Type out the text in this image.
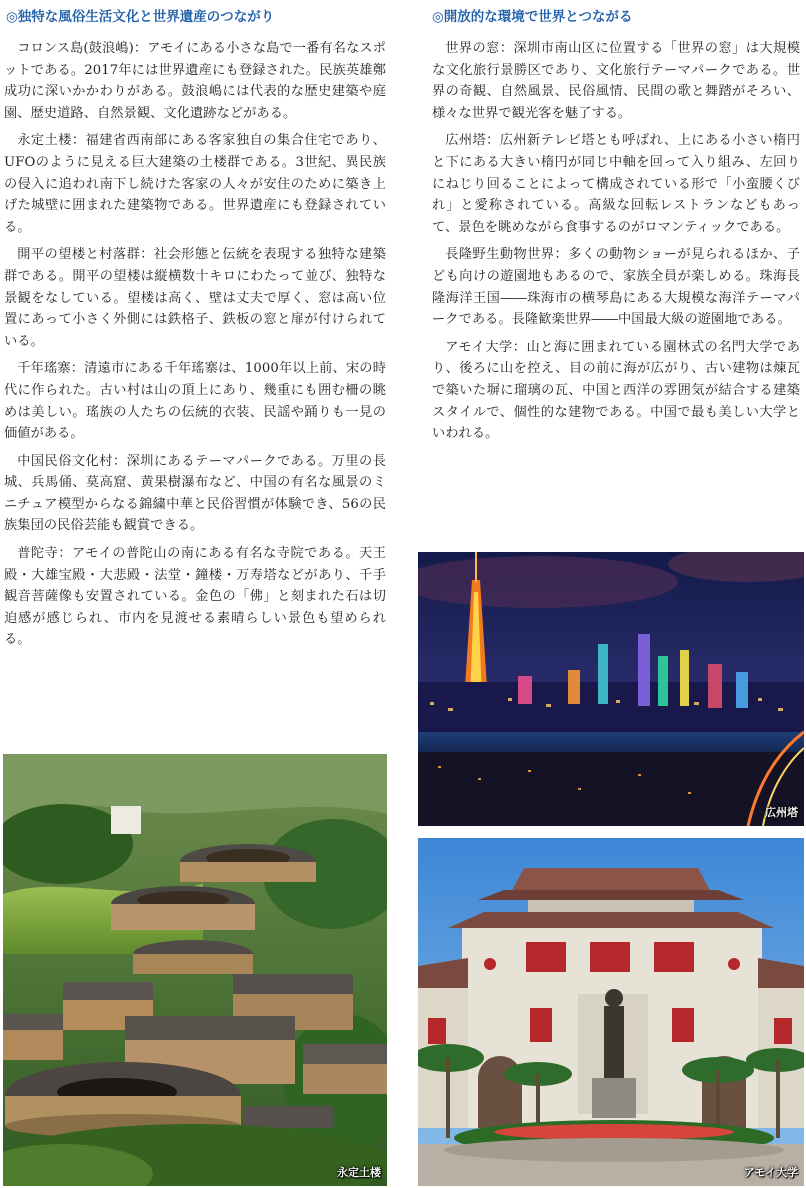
◎独特な風俗生活文化と世界遺産のつながり

コロンス島(鼓浪嶋)：アモイにある小さな島で一番有名なスポットである。2017年には世界遺産にも登録された。民族英雄鄭成功に深いかかわりがある。鼓浪嶋には代表的な歴史建築や庭園、歴史道路、自然景観、文化遺跡などがある。

永定土楼：福建省西南部にある客家独自の集合住宅であり、UFOのように見える巨大建築の土楼群である。3世紀、異民族の侵入に追われ南下し続けた客家の人々が安住のために築き上げた城壁に囲まれた建築物である。世界遺産にも登録されている。

開平の望楼と村落群：社会形態と伝統を表現する独特な建築群である。開平の望楼は縦横数十キロにわたって並び、独特な景観をなしている。望楼は高く、壁は丈夫で厚く、窓は高い位置にあって小さく外側には鉄格子、鉄板の窓と扉が付けられている。

千年瑤寨：清遠市にある千年瑤寨は、1000年以上前、宋の時代に作られた。古い村は山の頂上にあり、幾重にも囲む柵の眺めは美しい。瑤族の人たちの伝統的衣装、民謡や踊りも一見の価値がある。

中国民俗文化村：深圳にあるテーマパークである。万里の長城、兵馬俑、莫高窟、黄果樹瀑布など、中国の有名な風景のミニチュア模型からなる錦繍中華と民俗習慣が体験でき、56の民族集団の民俗芸能も観賞できる。

普陀寺：アモイの普陀山の南にある有名な寺院である。天王殿・大雄宝殿・大悲殿・法堂・鐘楼・万寿塔などがあり、千手観音菩薩像も安置されている。金色の「佛」と刻まれた石は切迫感が感じられ、市内を見渡せる素晴らしい景色も望められる。

◎開放的な環境で世界とつながる

世界の窓：深圳市南山区に位置する「世界の窓」は大規模な文化旅行景勝区であり、文化旅行テーマパークである。世界の奇観、自然風景、民俗風情、民間の歌と舞踏がそろい、様々な世界で観光客を魅了する。

広州塔：広州新テレビ塔とも呼ばれ、上にある小さい楕円と下にある大きい楕円が同じ中軸を回って入り組み、左回りにねじり回ることによって構成されている形で「小蛮腰くびれ」と愛称されている。高級な回転レストランなどもあって、景色を眺めながら食事するのがロマンティックである。

長隆野生動物世界：多くの動物ショーが見られるほか、子ども向けの遊園地もあるので、家族全員が楽しめる。珠海長隆海洋王国――珠海市の横琴島にある大規模な海洋テーマパークである。長隆歓楽世界――中国最大級の遊園地である。

アモイ大学：山と海に囲まれている園林式の名門大学であり、後ろに山を控え、目の前に海が広がり、古い建物は煉瓦で築いた塀に瑠璃の瓦、中国と西洋の雰囲気が結合する建築スタイルで、個性的な建物である。中国で最も美しい大学といわれる。

永定土楼
広州塔
アモイ大学
